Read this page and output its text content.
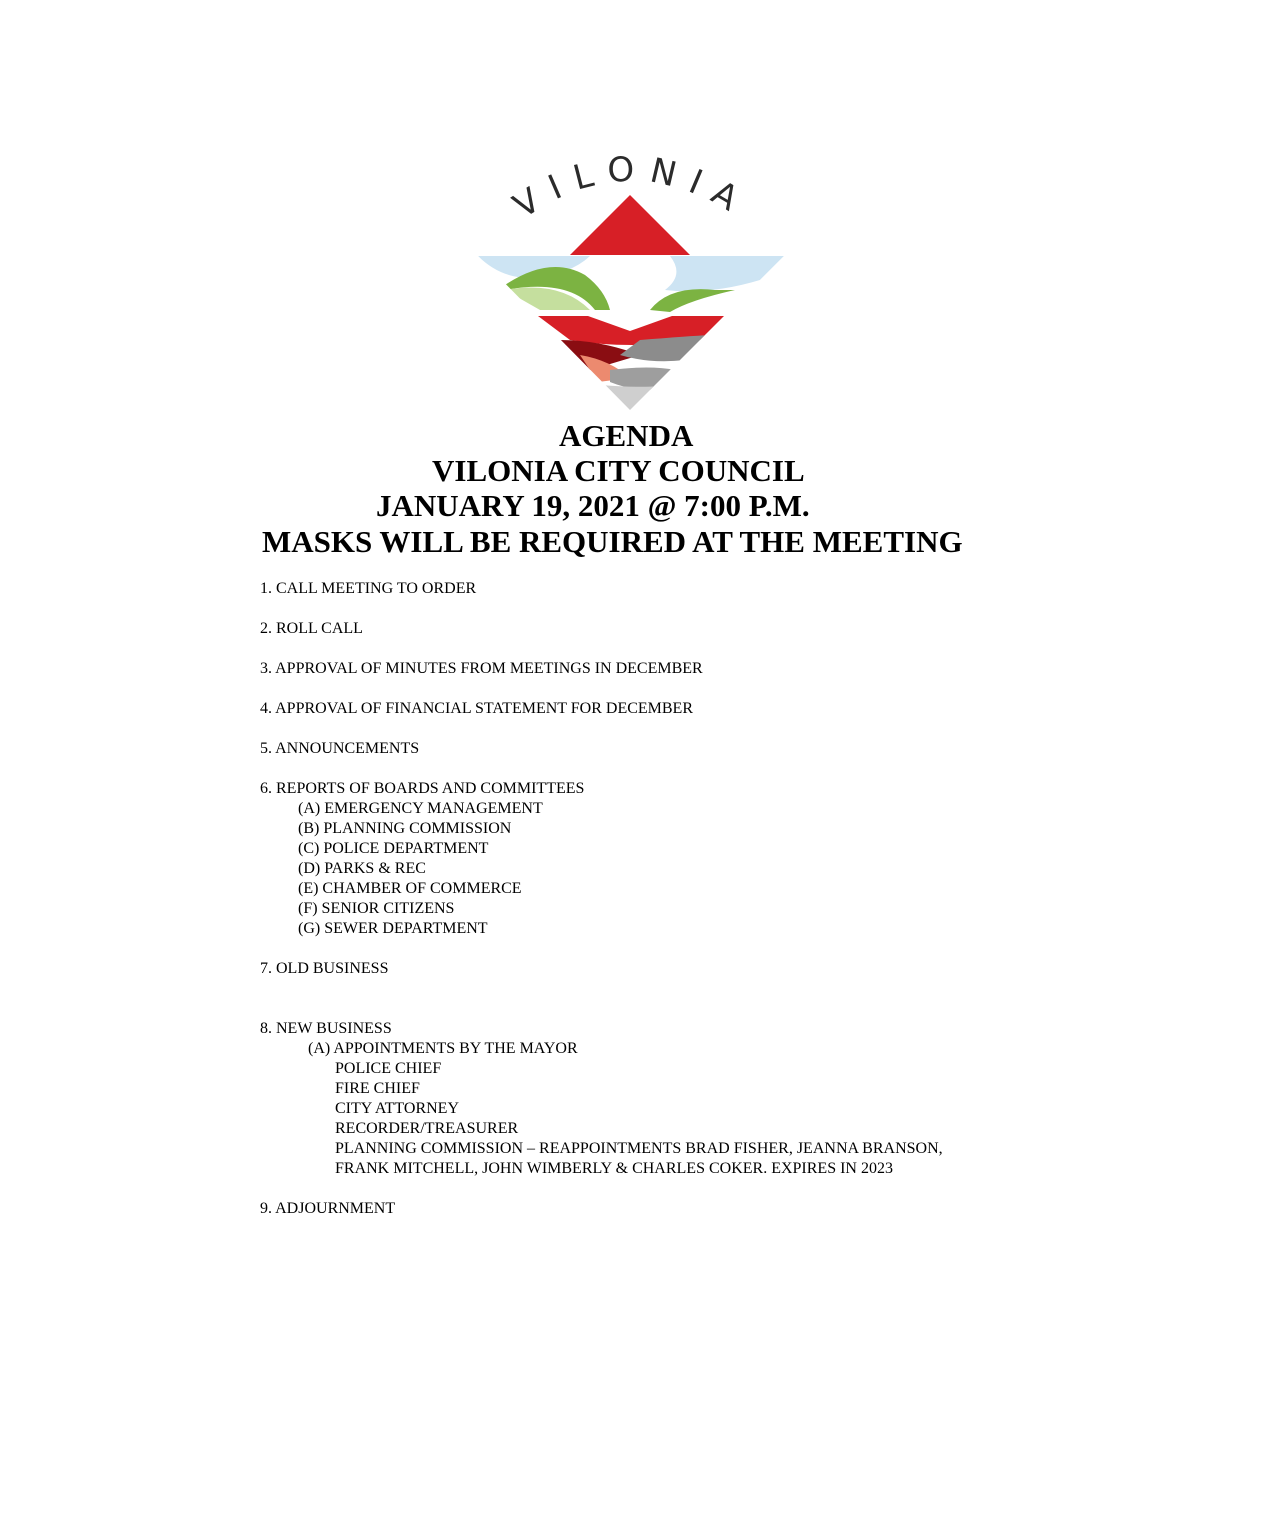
VILONIA
AGENDA
VILONIA CITY COUNCIL
JANUARY 19, 2021 @ 7:00 P.M.
MASKS WILL BE REQUIRED AT THE MEETING
1. CALL MEETING TO ORDER
2. ROLL CALL
3. APPROVAL OF MINUTES FROM MEETINGS IN DECEMBER
4. APPROVAL OF FINANCIAL STATEMENT FOR DECEMBER
5. ANNOUNCEMENTS
6. REPORTS OF BOARDS AND COMMITTEES
(A) EMERGENCY MANAGEMENT
(B) PLANNING COMMISSION
(C) POLICE DEPARTMENT
(D) PARKS & REC
(E) CHAMBER OF COMMERCE
(F) SENIOR CITIZENS
(G) SEWER DEPARTMENT
7. OLD BUSINESS
8. NEW BUSINESS
(A) APPOINTMENTS BY THE MAYOR
POLICE CHIEF
FIRE CHIEF
CITY ATTORNEY
RECORDER/TREASURER
PLANNING COMMISSION – REAPPOINTMENTS BRAD FISHER, JEANNA BRANSON,
FRANK MITCHELL, JOHN WIMBERLY & CHARLES COKER. EXPIRES IN 2023
9. ADJOURNMENT
